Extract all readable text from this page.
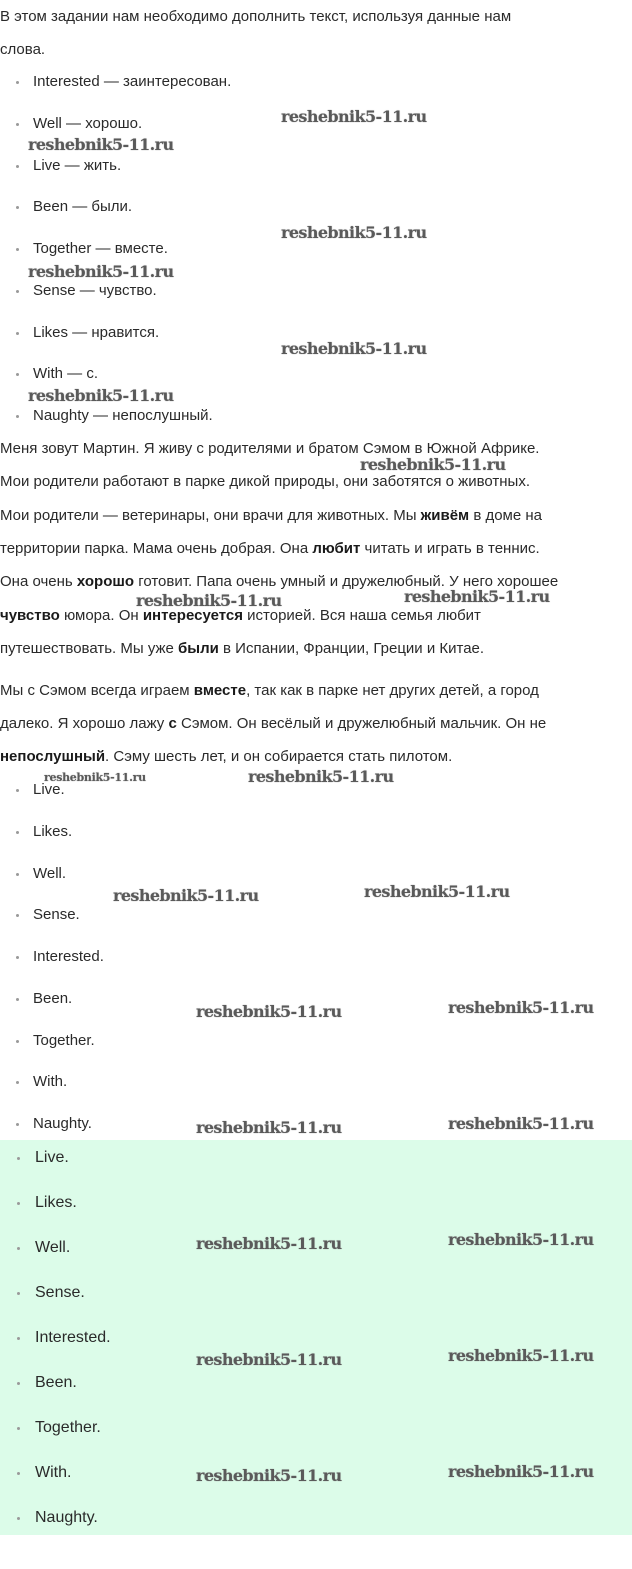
В этом задании нам необходимо дополнить текст, используя данные нам
слова.
Interested — заинтересован.
Well — хорошо.
Live — жить.
Been — были.
Together — вместе.
Sense — чувство.
Likes — нравится.
With — с.
Naughty — непослушный.
Меня зовут Мартин. Я живу с родителями и братом Сэмом в Южной Африке.
Мои родители работают в парке дикой природы, они заботятся о животных.
Мои родители — ветеринары, они врачи для животных. Мы живём в доме на
территории парка. Мама очень добрая. Она любит читать и играть в теннис.
Она очень хорошо готовит. Папа очень умный и дружелюбный. У него хорошее
чувство юмора. Он интересуется историей. Вся наша семья любит
путешествовать. Мы уже были в Испании, Франции, Греции и Китае.
Мы с Сэмом всегда играем вместе, так как в парке нет других детей, а город
далеко. Я хорошо лажу с Сэмом. Он весёлый и дружелюбный мальчик. Он не
непослушный. Сэму шесть лет, и он собирается стать пилотом.
Live.
Likes.
Well.
Sense.
Interested.
Been.
Together.
With.
Naughty.
Live.
Likes.
Well.
Sense.
Interested.
Been.
Together.
With.
Naughty.
reshebnik5-11.ru
reshebnik5-11.ru
reshebnik5-11.ru
reshebnik5-11.ru
reshebnik5-11.ru
reshebnik5-11.ru
reshebnik5-11.ru
reshebnik5-11.ru	reshebnik5-11.ru
reshebnik5-11.ru	reshebnik5-11.ru
reshebnik5-11.ru	reshebnik5-11.ru
reshebnik5-11.ru	reshebnik5-11.ru
reshebnik5-11.ru	reshebnik5-11.ru
reshebnik5-11.ru	reshebnik5-11.ru
reshebnik5-11.ru	reshebnik5-11.ru
reshebnik5-11.ru	reshebnik5-11.ru
